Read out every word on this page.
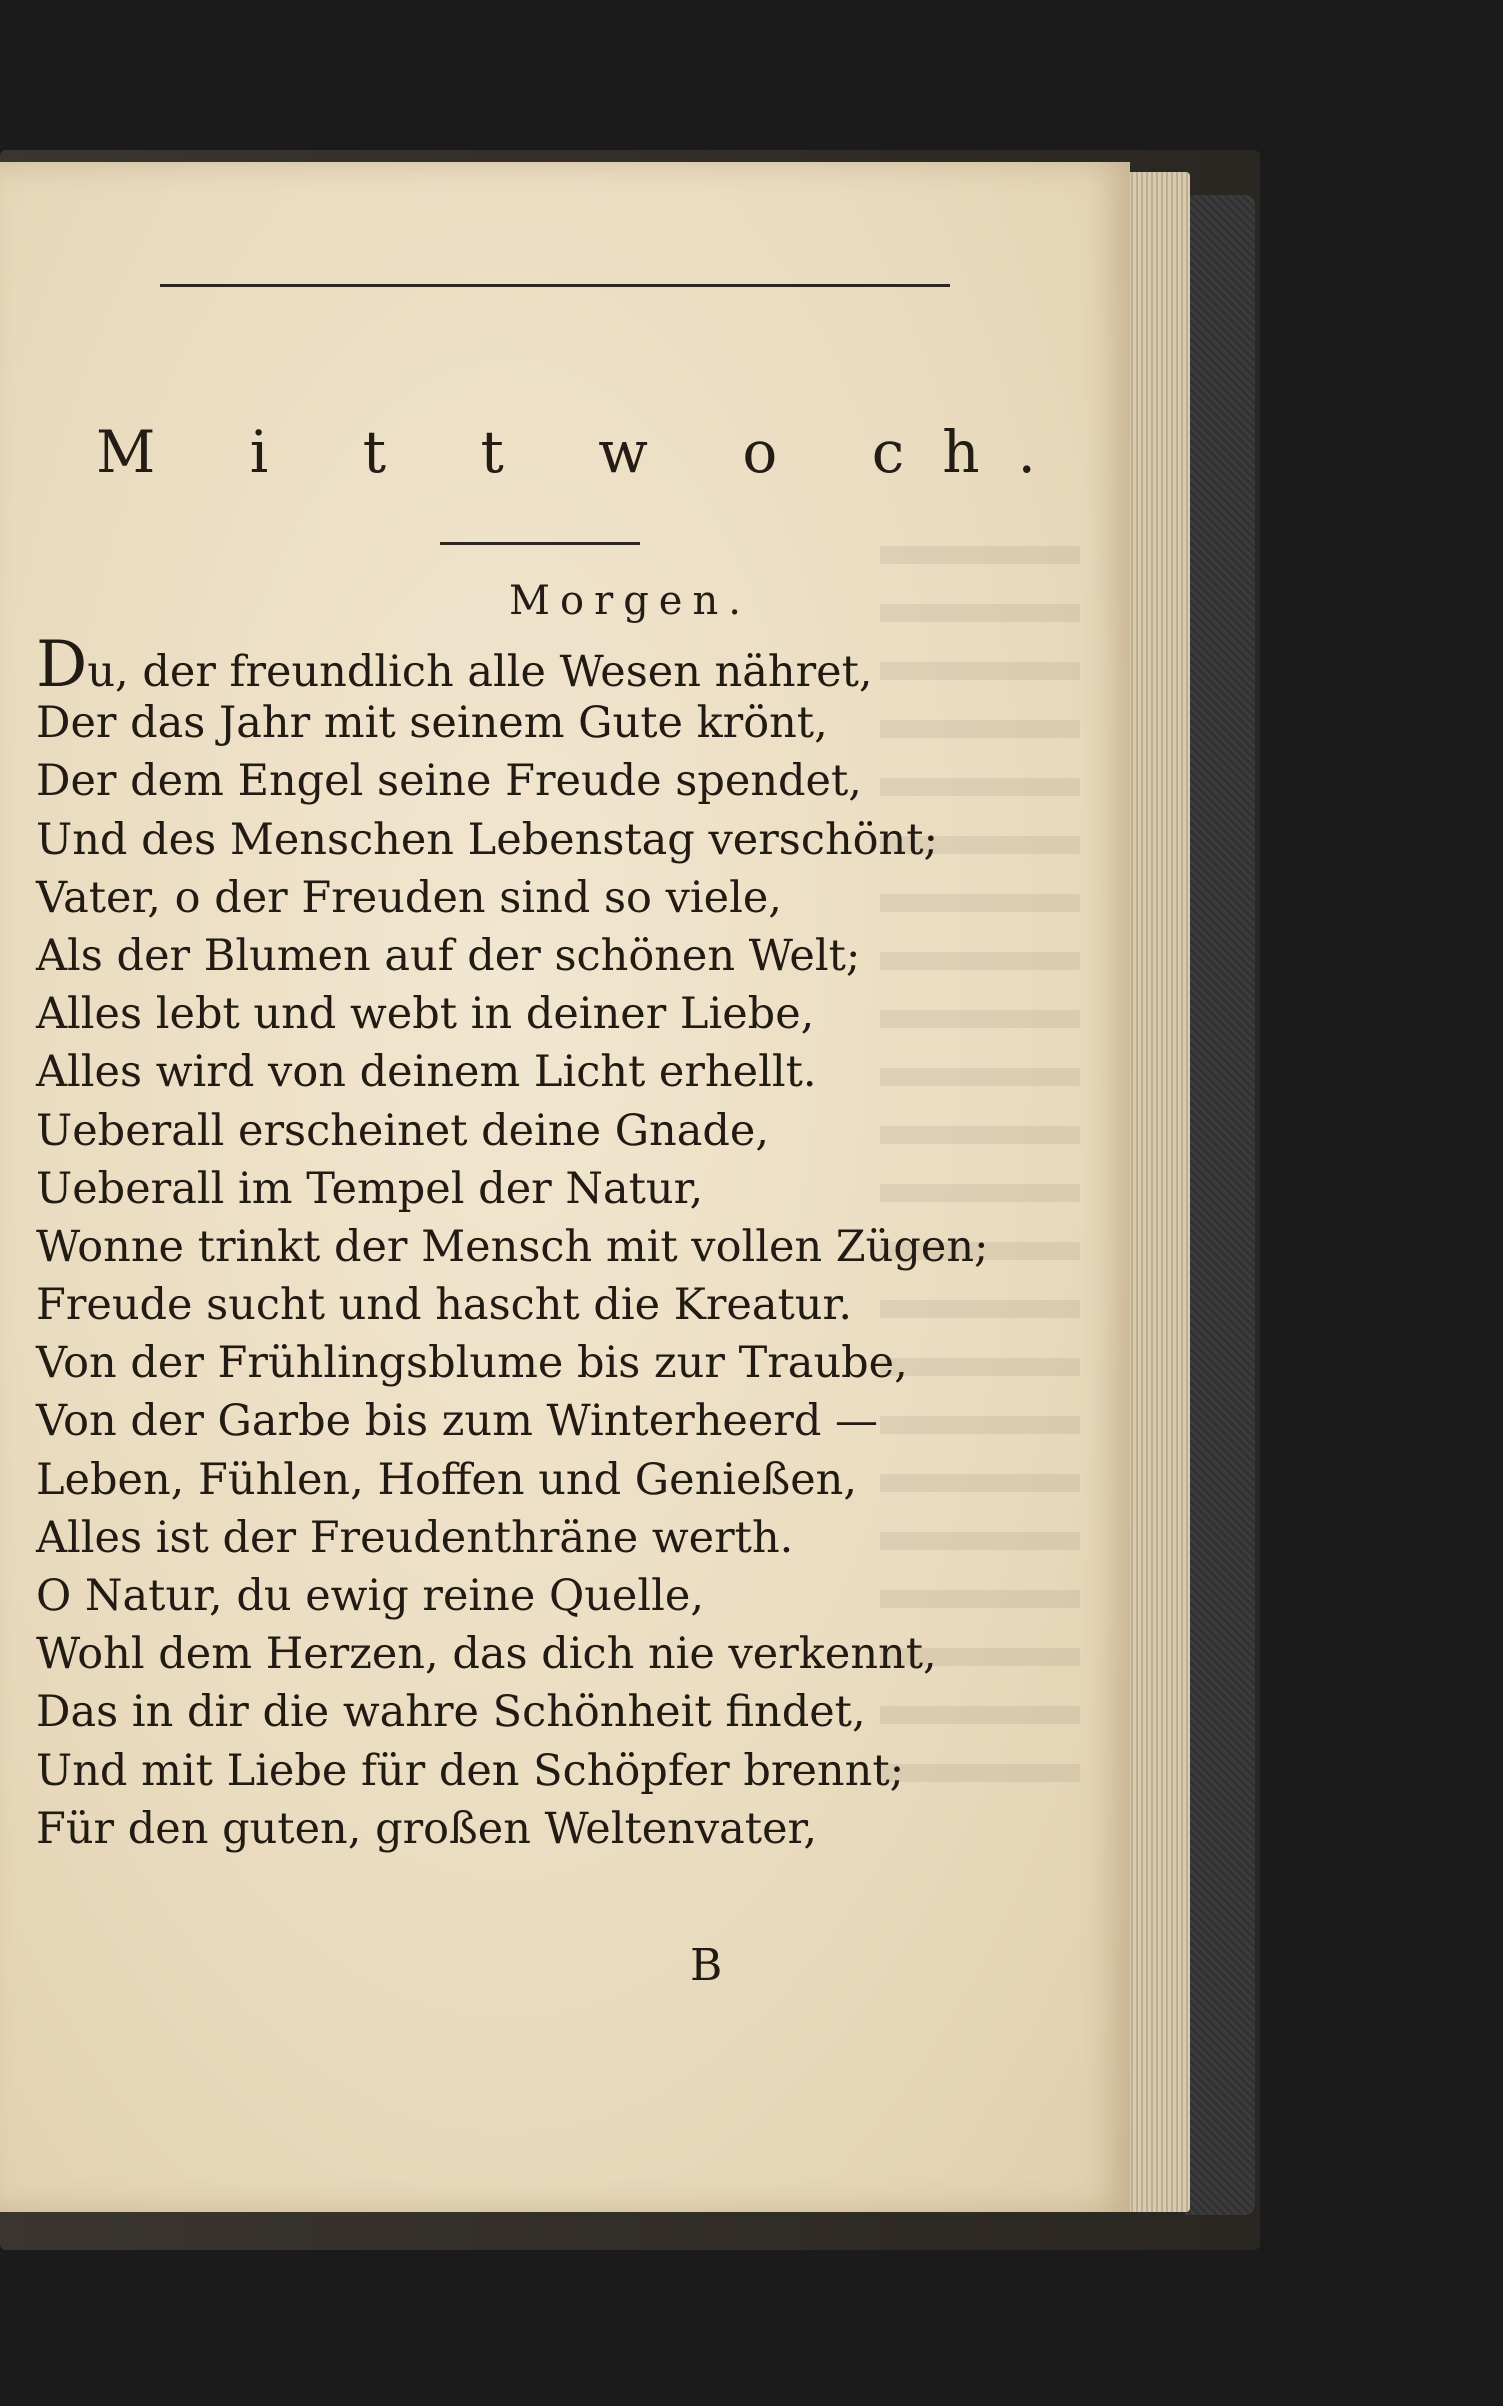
M i t t w o ch.
Morgen.
Du, der freundlich alle Wesen nähret,
Der das Jahr mit seinem Gute krönt,
Der dem Engel seine Freude spendet,
Und des Menschen Lebenstag verschönt;
Vater, o der Freuden sind so viele,
Als der Blumen auf der schönen Welt;
Alles lebt und webt in deiner Liebe,
Alles wird von deinem Licht erhellt.
Ueberall erscheinet deine Gnade,
Ueberall im Tempel der Natur,
Wonne trinkt der Mensch mit vollen Zügen;
Freude sucht und hascht die Kreatur.
Von der Frühlingsblume bis zur Traube,
Von der Garbe bis zum Winterheerd —
Leben, Fühlen, Hoffen und Genießen,
Alles ist der Freudenthräne werth.
O Natur, du ewig reine Quelle,
Wohl dem Herzen, das dich nie verkennt,
Das in dir die wahre Schönheit findet,
Und mit Liebe für den Schöpfer brennt;
Für den guten, großen Weltenvater,
B
